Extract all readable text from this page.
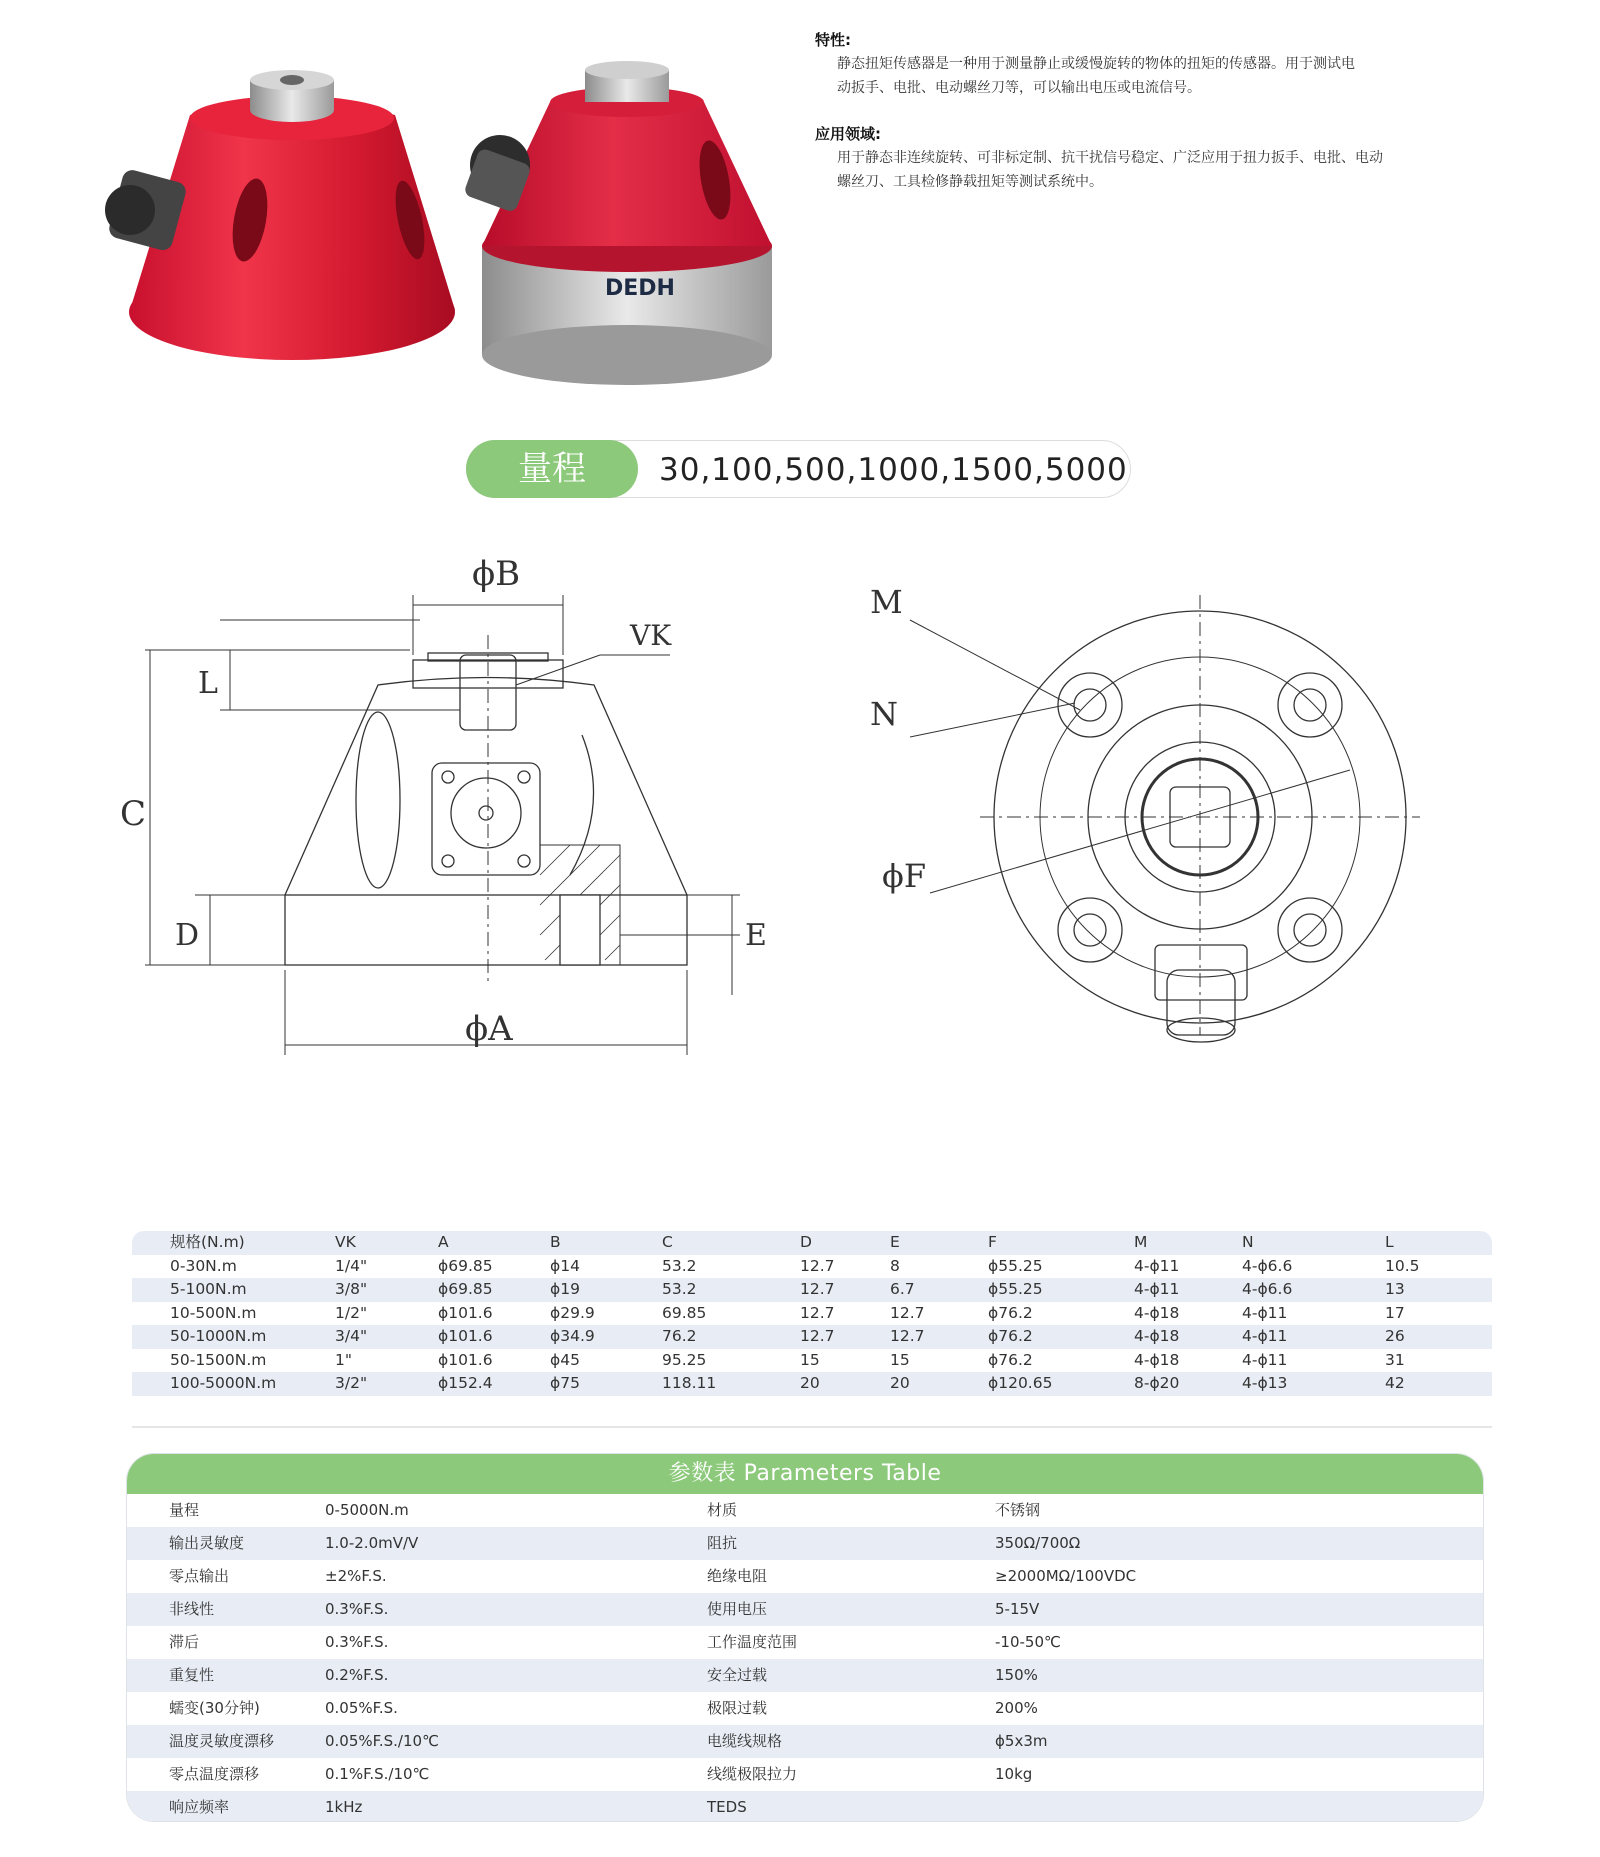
DEDH
特性:
静态扭矩传感器是一种用于测量静止或缓慢旋转的物体的扭矩的传感器。用于测试电
动扳手、电批、电动螺丝刀等，可以输出电压或电流信号。
应用领域:
用于静态非连续旋转、可非标定制、抗干扰信号稳定、广泛应用于扭力扳手、电批、电动
螺丝刀、工具检修静载扭矩等测试系统中。
量程	30,100,500,1000,1500,5000
ϕB
VK
L
C
D	E
ϕA
M
N
ϕF
规格(N.m)	VK	A	B	C	D	E	F	M	N	L
0-30N.m	1/4"	ϕ69.85	ϕ14	53.2	12.7	8	ϕ55.25	4-ϕ11	4-ϕ6.6	10.5
5-100N.m	3/8"	ϕ69.85	ϕ19	53.2	12.7	6.7	ϕ55.25	4-ϕ11	4-ϕ6.6	13
10-500N.m	1/2"	ϕ101.6	ϕ29.9	69.85	12.7	12.7	ϕ76.2	4-ϕ18	4-ϕ11	17
50-1000N.m	3/4"	ϕ101.6	ϕ34.9	76.2	12.7	12.7	ϕ76.2	4-ϕ18	4-ϕ11	26
50-1500N.m	1"	ϕ101.6	ϕ45	95.25	15	15	ϕ76.2	4-ϕ18	4-ϕ11	31
100-5000N.m	3/2"	ϕ152.4	ϕ75	118.11	20	20	ϕ120.65	8-ϕ20	4-ϕ13	42
参数表 Parameters Table
量程	0-5000N.m	材质	不锈钢
输出灵敏度	1.0-2.0mV/V	阻抗	350Ω/700Ω
零点输出	±2%F.S.	绝缘电阻	≥2000MΩ/100VDC
非线性	0.3%F.S.	使用电压	5-15V
滞后	0.3%F.S.	工作温度范围	-10-50℃
重复性	0.2%F.S.	安全过载	150%
蠕变(30分钟)	0.05%F.S.	极限过载	200%
温度灵敏度漂移	0.05%F.S./10℃	电缆线规格	ϕ5x3m
零点温度漂移	0.1%F.S./10℃	线缆极限拉力	10kg
响应频率	1kHz	TEDS
